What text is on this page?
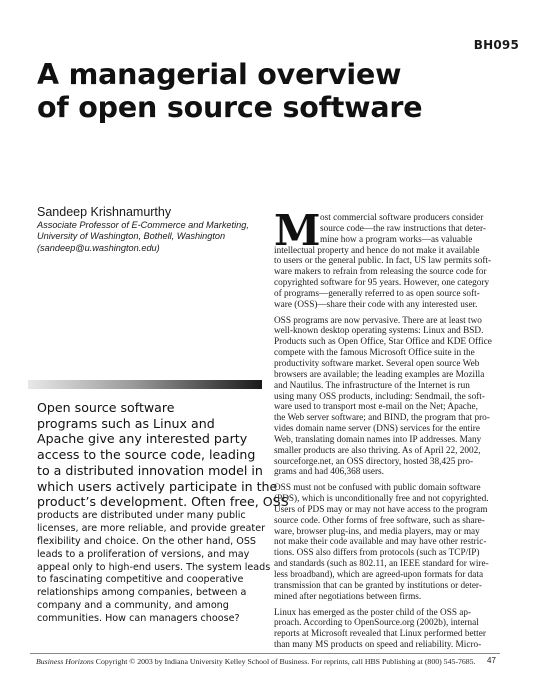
BH095
A managerial overview
of open source software
Sandeep Krishnamurthy
Associate Professor of E-Commerce and Marketing,
University of Washington, Bothell, Washington
(sandeep@u.washington.edu)
Open source software
programs such as Linux and
Apache give any interested party
access to the source code, leading
to a distributed innovation model in
which users actively participate in the
product’s development. Often free, OSS
products are distributed under many public
licenses, are more reliable, and provide greater
flexibility and choice. On the other hand, OSS
leads to a proliferation of versions, and may
appeal only to high-end users. The system leads
to fascinating competitive and cooperative
relationships among companies, between a
company and a community, and among
communities. How can managers choose?
M ost commercial software producers consider
source code—the raw instructions that deter-
mine how a program works—as valuable
intellectual property and hence do not make it available
to users or the general public. In fact, US law permits soft-
ware makers to refrain from releasing the source code for
copyrighted software for 95 years. However, one category
of programs—generally referred to as open source soft-
ware (OSS)—share their code with any interested user.
OSS programs are now pervasive. There are at least two
well-known desktop operating systems: Linux and BSD.
Products such as Open Office, Star Office and KDE Office
compete with the famous Microsoft Office suite in the
productivity software market. Several open source Web
browsers are available; the leading examples are Mozilla
and Nautilus. The infrastructure of the Internet is run
using many OSS products, including: Sendmail, the soft-
ware used to transport most e-mail on the Net; Apache,
the Web server software; and BIND, the program that pro-
vides domain name server (DNS) services for the entire
Web, translating domain names into IP addresses. Many
smaller products are also thriving. As of April 22, 2002,
sourceforge.net, an OSS directory, hosted 38,425 pro-
grams and had 406,368 users.
OSS must not be confused with public domain software
(PDS), which is unconditionally free and not copyrighted.
Users of PDS may or may not have access to the program
source code. Other forms of free software, such as share-
ware, browser plug-ins, and media players, may or may
not make their code available and may have other restric-
tions. OSS also differs from protocols (such as TCP/IP)
and standards (such as 802.11, an IEEE standard for wire-
less broadband), which are agreed-upon formats for data
transmission that can be granted by institutions or deter-
mined after negotiations between firms.
Linux has emerged as the poster child of the OSS ap-
proach. According to OpenSource.org (2002b), internal
reports at Microsoft revealed that Linux performed better
than many MS products on speed and reliability. Micro-
Business Horizons Copyright © 2003 by Indiana University Kelley School of Business. For reprints, call HBS Publishing at (800) 545-7685. 47
